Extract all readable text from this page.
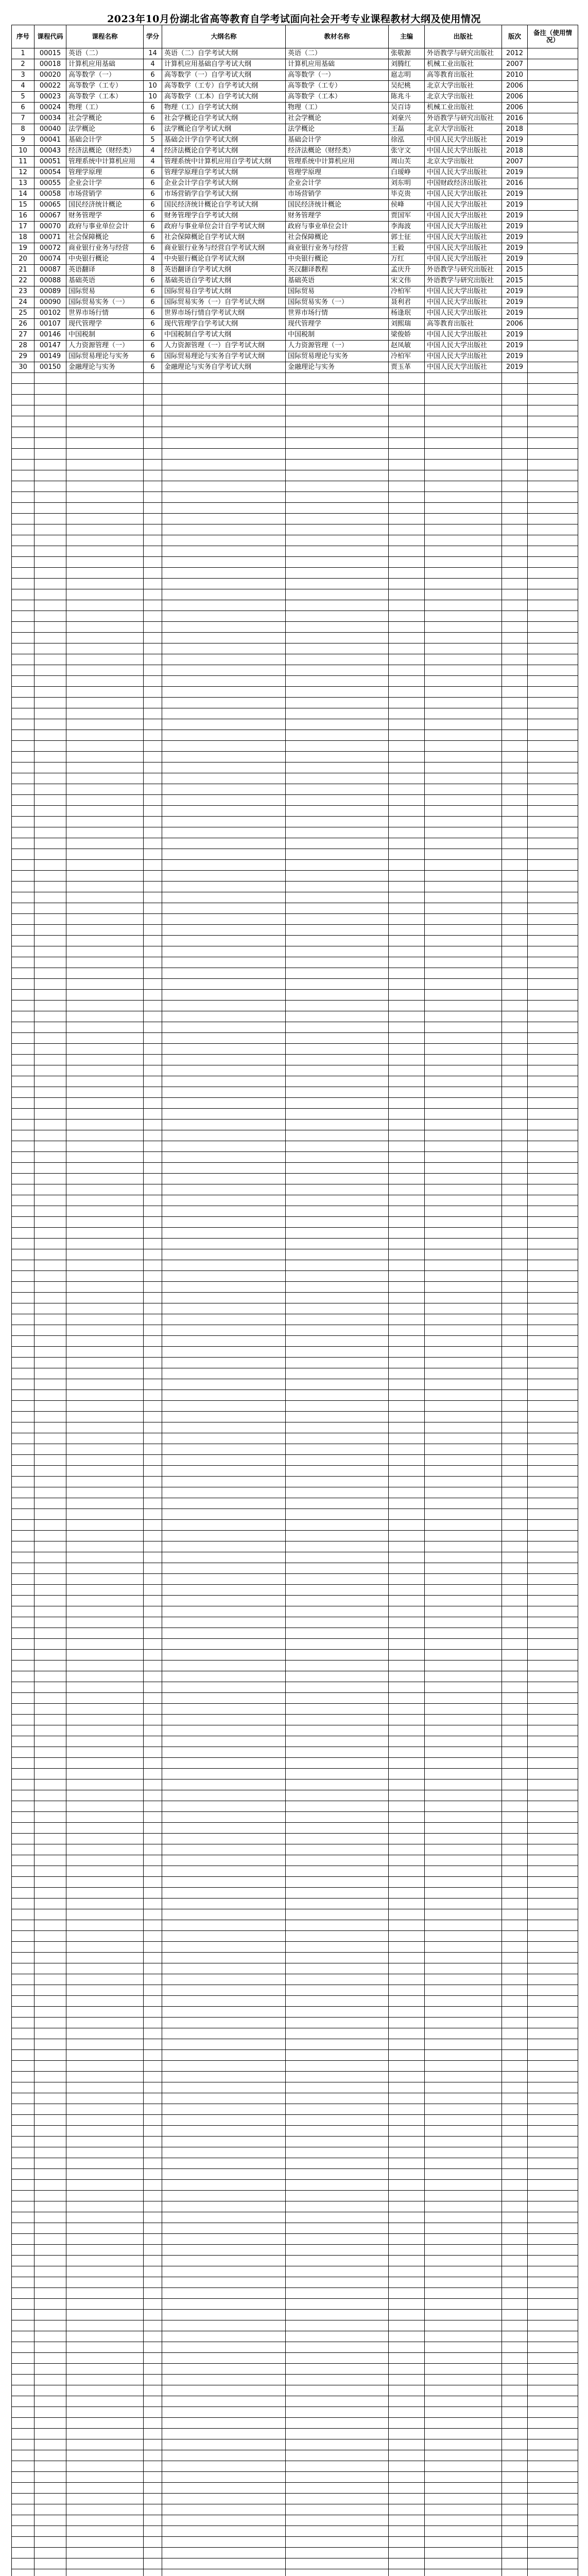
2023年10月份湖北省高等教育自学考试面向社会开考专业课程教材大纲及使用情况
序号	课程代码	课程名称	学分	大纲名称	教材名称	主编	出版社	版次	备注（使用情况）
1	00015	英语（二）	14	英语（二）自学考试大纲	英语（二）	张敬源	外语教学与研究出版社	2012	
2	00018	计算机应用基础	4	计算机应用基础自学考试大纲	计算机应用基础	刘腾红	机械工业出版社	2007	
3	00020	高等数学（一）	6	高等数学（一）自学考试大纲	高等数学（一）	扈志明	高等教育出版社	2010	
4	00022	高等数学（工专）	10	高等数学（工专）自学考试大纲	高等数学（工专）	吴纪桃	北京大学出版社	2006	
5	00023	高等数学（工本）	10	高等数学（工本）自学考试大纲	高等数学（工本）	陈兆斗	北京大学出版社	2006	
6	00024	物理（工）	6	物理（工）自学考试大纲	物理（工）	吴百诗	机械工业出版社	2006	
7	00034	社会学概论	6	社会学概论自学考试大纲	社会学概论	刘豪兴	外语教学与研究出版社	2016	
8	00040	法学概论	6	法学概论自学考试大纲	法学概论	王磊	北京大学出版社	2018	
9	00041	基础会计学	5	基础会计学自学考试大纲	基础会计学	徐泓	中国人民大学出版社	2019	
10	00043	经济法概论（财经类）	4	经济法概论自学考试大纲	经济法概论（财经类）	张守文	中国人民大学出版社	2018	
11	00051	管理系统中计算机应用	4	管理系统中计算机应用自学考试大纲	管理系统中计算机应用	周山芙	北京大学出版社	2007	
12	00054	管理学原理	6	管理学原理自学考试大纲	管理学原理	白瑷峥	中国人民大学出版社	2019	
13	00055	企业会计学	6	企业会计学自学考试大纲	企业会计学	刘东明	中国财政经济出版社	2016	
14	00058	市场营销学	6	市场营销学自学考试大纲	市场营销学	毕克贵	中国人民大学出版社	2019	
15	00065	国民经济统计概论	6	国民经济统计概论自学考试大纲	国民经济统计概论	侯峰	中国人民大学出版社	2019	
16	00067	财务管理学	6	财务管理学自学考试大纲	财务管理学	贾国军	中国人民大学出版社	2019	
17	00070	政府与事业单位会计	6	政府与事业单位会计自学考试大纲	政府与事业单位会计	李海波	中国人民大学出版社	2019	
18	00071	社会保障概论	6	社会保障概论自学考试大纲	社会保障概论	郭士征	中国人民大学出版社	2019	
19	00072	商业银行业务与经营	6	商业银行业务与经营自学考试大纲	商业银行业务与经营	王毅	中国人民大学出版社	2019	
20	00074	中央银行概论	4	中央银行概论自学考试大纲	中央银行概论	万红	中国人民大学出版社	2019	
21	00087	英语翻译	8	英语翻译自学考试大纲	英汉翻译教程	孟庆升	外语教学与研究出版社	2015	
22	00088	基础英语	6	基础英语自学考试大纲	基础英语	宋文伟	外语教学与研究出版社	2015	
23	00089	国际贸易	6	国际贸易自学考试大纲	国际贸易	冷柏军	中国人民大学出版社	2019	
24	00090	国际贸易实务（一）	6	国际贸易实务（一）自学考试大纲	国际贸易实务（一）	聂利君	中国人民大学出版社	2019	
25	00102	世界市场行情	6	世界市场行情自学考试大纲	世界市场行情	杨逢珉	中国人民大学出版社	2019	
26	00107	现代管理学	6	现代管理学自学考试大纲	现代管理学	刘熙瑞	高等教育出版社	2006	
27	00146	中国税制	6	中国税制自学考试大纲	中国税制	梁俊娇	中国人民大学出版社	2019	
28	00147	人力资源管理（一）	6	人力资源管理（一）自学考试大纲	人力资源管理（一）	赵凤敏	中国人民大学出版社	2019	
29	00149	国际贸易理论与实务	6	国际贸易理论与实务自学考试大纲	国际贸易理论与实务	冷柏军	中国人民大学出版社	2019	
30	00150	金融理论与实务	6	金融理论与实务自学考试大纲	金融理论与实务	贾玉革	中国人民大学出版社	2019	
